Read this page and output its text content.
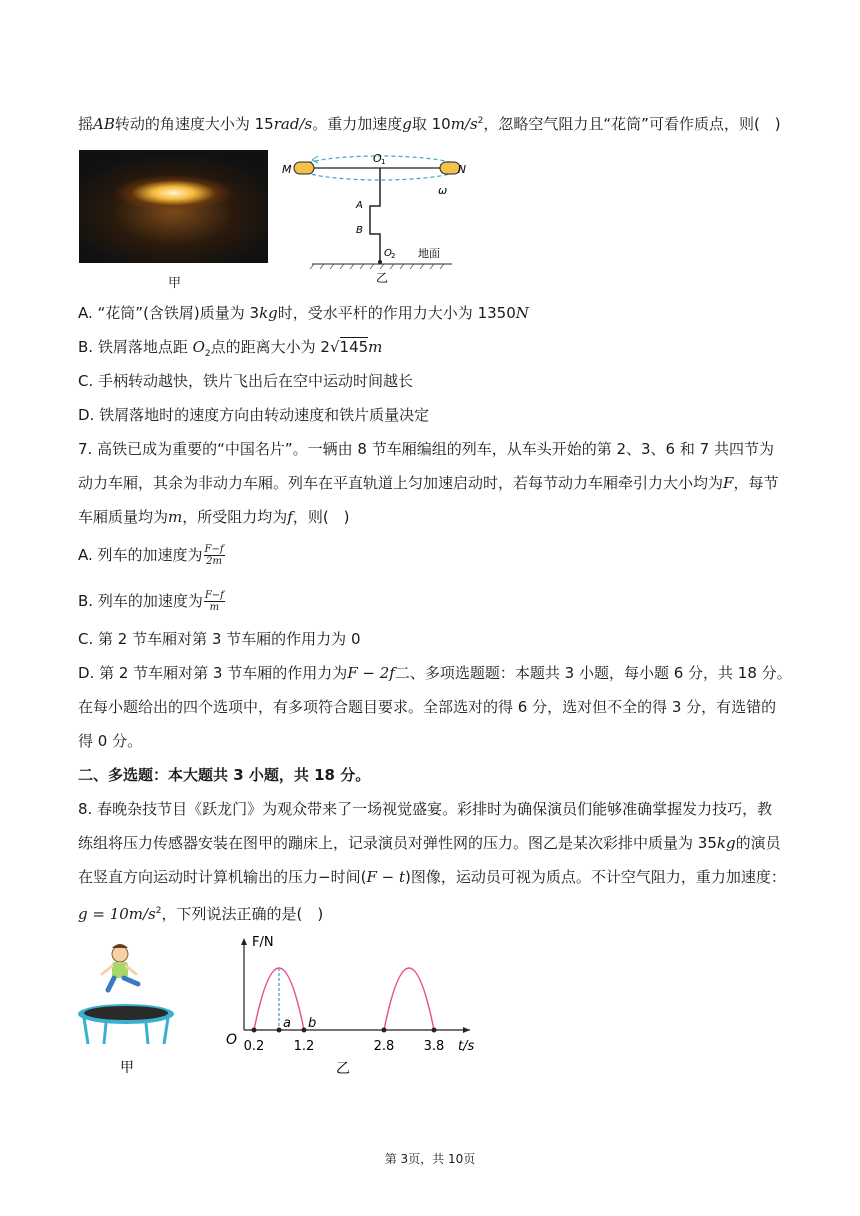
摇AB转动的角速度大小为 15rad/s。重力加速度g取 $10m/s^2$，忽略空气阻力且“花筒”可看作质点，则(　)
甲
M	N
O 1
ω
A
B
O 2 地面
乙
A. “花筒”(含铁屑)质量为 3kg时，受水平杆的作用力大小为 1350N
B. 铁屑落地点距 $O_2$点的距离大小为 2√145m
C. 手柄转动越快，铁片飞出后在空中运动时间越长
D. 铁屑落地时的速度方向由转动速度和铁片质量决定
7. 高铁已成为重要的“中国名片”。一辆由 8 节车厢编组的列车，从车头开始的第 2、3、6 和 7 共四节为
动力车厢，其余为非动力车厢。列车在平直轨道上匀加速启动时，若每节动力车厢牵引力大小均为F，每节
车厢质量均为m，所受阻力均为f，则(　)
A. 列车的加速度为 $\frac{F-f}{2m}$
B. 列车的加速度为 $\frac{F-f}{m}$
C. 第 2 节车厢对第 3 节车厢的作用力为 0
D. 第 2 节车厢对第 3 节车厢的作用力为F − 2f二、多项选题题：本题共 3 小题，每小题 6 分，共 18 分。
在每小题给出的四个选项中，有多项符合题目要求。全部选对的得 6 分，选对但不全的得 3 分，有选错的
得 0 分。
二、多选题：本大题共 3 小题，共 18 分。
8. 春晚杂技节目《跃龙门》为观众带来了一场视觉盛宴。彩排时为确保演员们能够准确掌握发力技巧，教
练组将压力传感器安装在图甲的蹦床上，记录演员对弹性网的压力。图乙是某次彩排中质量为 35kg的演员
在竖直方向运动时计算机输出的压力−时间(F − t)图像，运动员可视为质点。不计空气阻力，重力加速度：
$g = 10m/s^2$，下列说法正确的是(　)
甲
F/N
t/s
O 0.2 1.2	2.8 3.8
a b
乙
第 3页，共 10页
